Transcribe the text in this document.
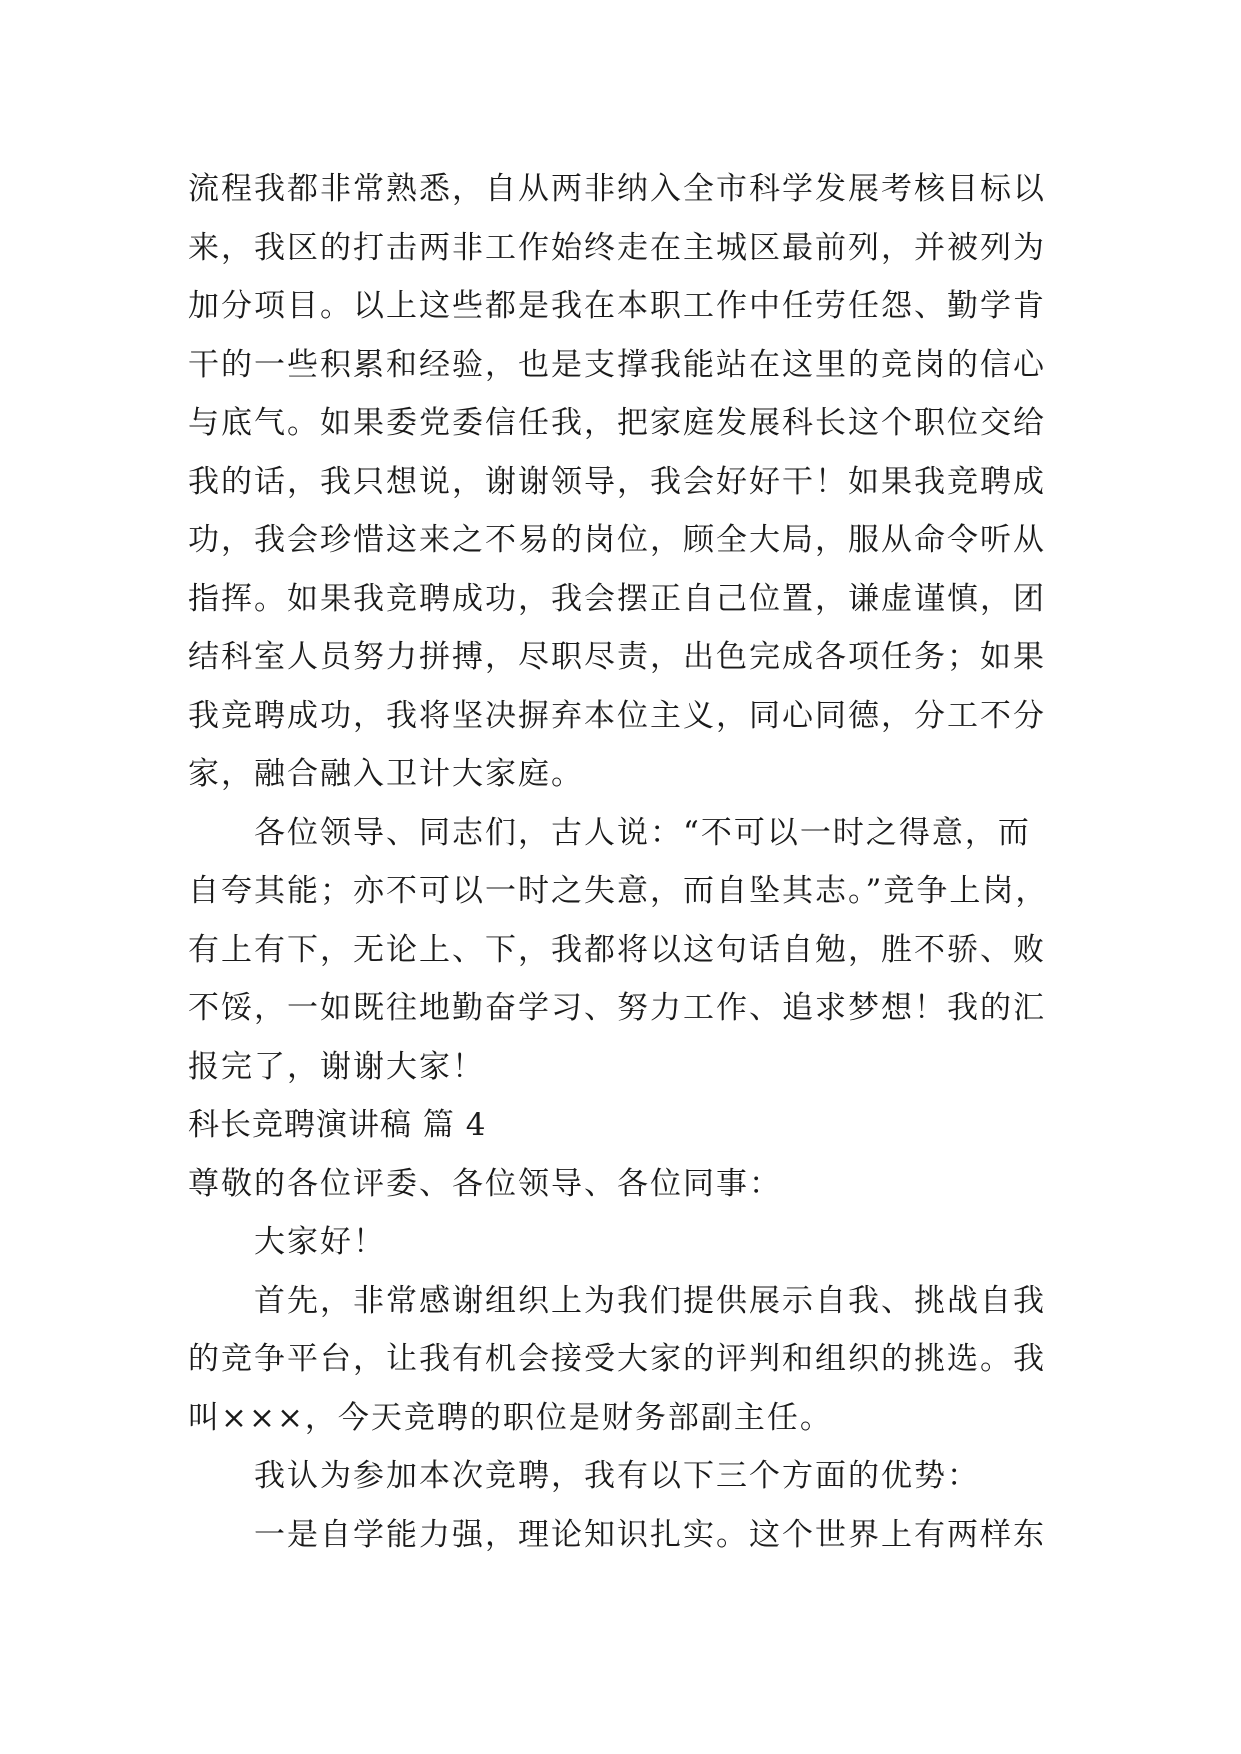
流程我都非常熟悉，自从两非纳入全市科学发展考核目标以
来，我区的打击两非工作始终走在主城区最前列，并被列为
加分项目。以上这些都是我在本职工作中任劳任怨、勤学肯
干的一些积累和经验，也是支撑我能站在这里的竞岗的信心
与底气。如果委党委信任我，把家庭发展科长这个职位交给
我的话，我只想说，谢谢领导，我会好好干！如果我竞聘成
功，我会珍惜这来之不易的岗位，顾全大局，服从命令听从
指挥。如果我竞聘成功，我会摆正自己位置，谦虚谨慎，团
结科室人员努力拼搏，尽职尽责，出色完成各项任务；如果
我竞聘成功，我将坚决摒弃本位主义，同心同德，分工不分
家，融合融入卫计大家庭。
各位领导、同志们，古人说：“不可以一时之得意，而
自夸其能；亦不可以一时之失意，而自坠其志。”竞争上岗，
有上有下，无论上、下，我都将以这句话自勉，胜不骄、败
不馁，一如既往地勤奋学习、努力工作、追求梦想！我的汇
报完了，谢谢大家！
科长竞聘演讲稿 篇 4
尊敬的各位评委、各位领导、各位同事：
大家好！
首先，非常感谢组织上为我们提供展示自我、挑战自我
的竞争平台，让我有机会接受大家的评判和组织的挑选。我
叫×××，今天竞聘的职位是财务部副主任。
我认为参加本次竞聘，我有以下三个方面的优势：
一是自学能力强，理论知识扎实。这个世界上有两样东
